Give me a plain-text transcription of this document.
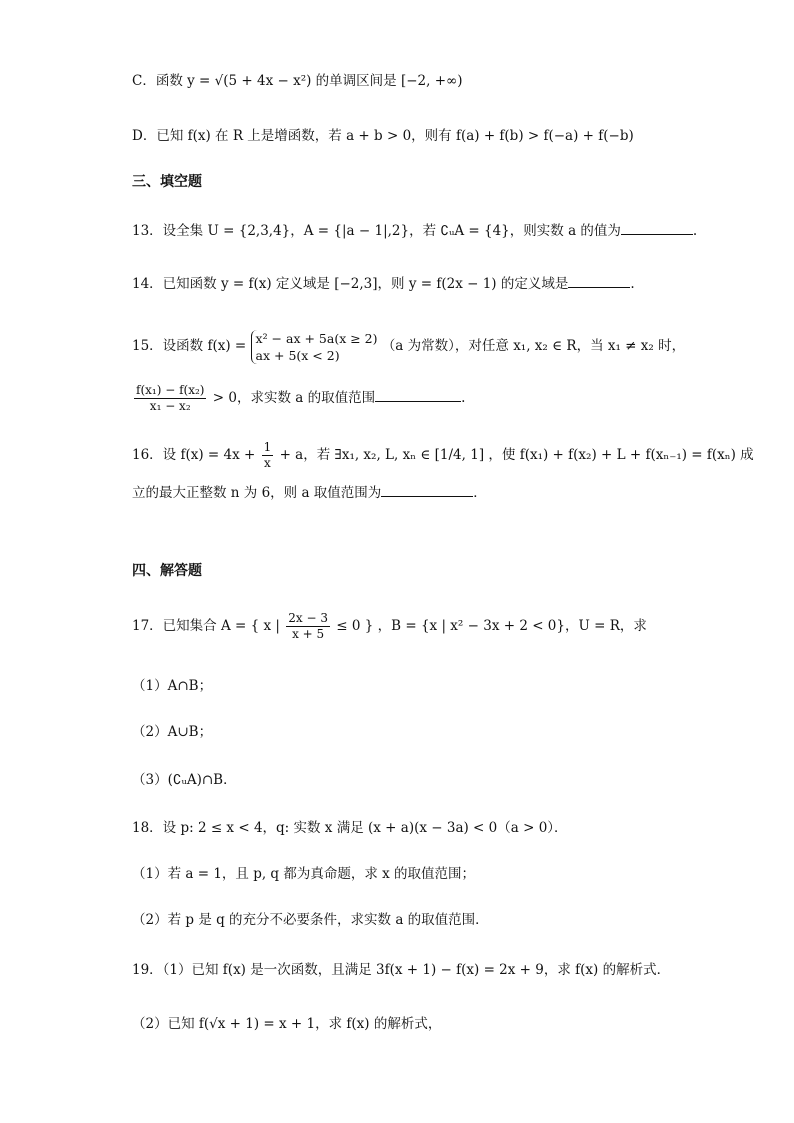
C．函数 y = √(5 + 4x − x²) 的单调区间是 [−2, +∞)
D．已知 f(x) 在 R 上是增函数，若 a + b > 0，则有 f(a) + f(b) > f(−a) + f(−b)
三、填空题
13．设全集 U = {2,3,4}，A = {|a − 1|,2}，若 ∁ᵤA = {4}，则实数 a 的值为	.
14．已知函数 y = f(x) 定义域是 [−2,3]，则 y = f(2x − 1) 的定义域是	.
15．设函数 f(x) = x² − ax + 5a(x ≥ 2)
ax + 5(x < 2)
（a 为常数），对任意 x₁, x₂ ∈ R，当 x₁ ≠ x₂ 时，
$\frac{\text{f(x₁) − f(x₂)}}{\text{x₁ − x₂}} > 0$，求实数 a 的取值范围	.
16．设 $f(x) = 4x + \frac{1}{x} + a$，若 ∃x₁, x₂, L, xₙ ∈ [1/4, 1] ，使 f(x₁) + f(x₂) + L + f(xₙ₋₁) = f(xₙ) 成
立的最大正整数 n 为 6，则 a 取值范围为	．
四、解答题
17．已知集合 A = { x | $\frac{2x - 3}{x + 5} \le 0$ } ，B = {x | x² − 3x + 2 < 0}，U = R，求
（1）A∩B；
（2）A∪B；
（3）(∁ᵤA)∩B．
18．设 p: 2 ≤ x < 4，q: 实数 x 满足 (x + a)(x − 3a) < 0（a > 0）．
（1）若 a = 1，且 p, q 都为真命题，求 x 的取值范围；
（2）若 p 是 q 的充分不必要条件，求实数 a 的取值范围．
19．（1）已知 f(x) 是一次函数，且满足 3f(x + 1) − f(x) = 2x + 9，求 f(x) 的解析式．
（2）已知 f(√x + 1) = x + 1，求 f(x) 的解析式，
